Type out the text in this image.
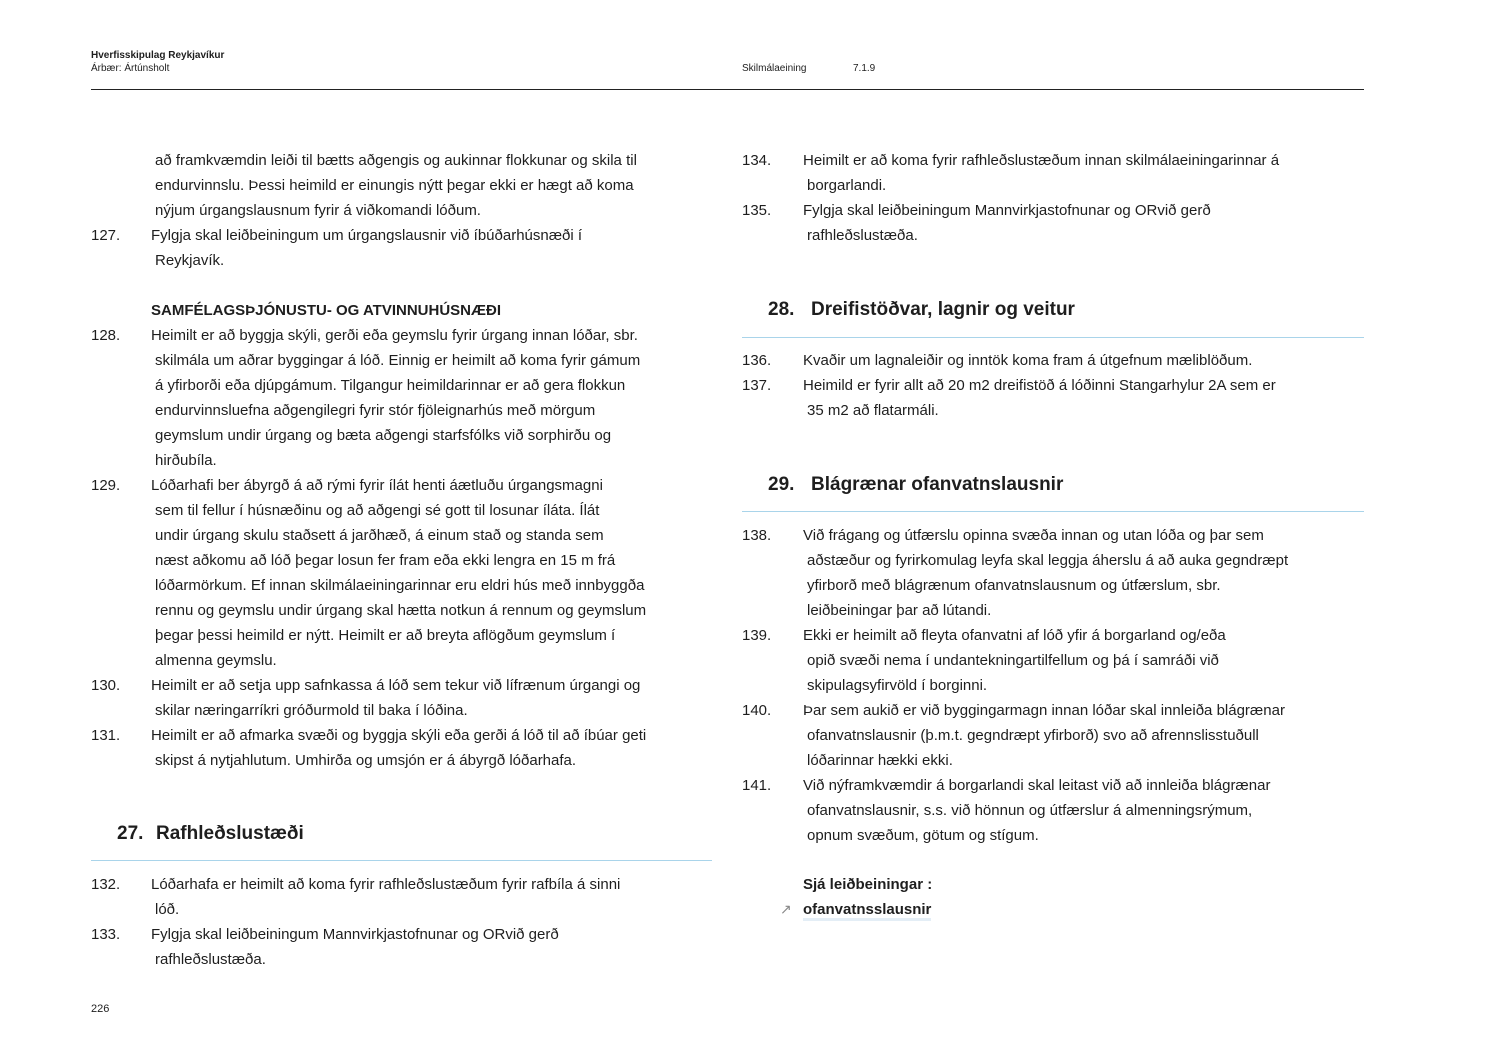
Hverfisskipulag Reykjavíkur
Árbær: Ártúnsholt	Skilmálaeining	7.1.9
að framkvæmdin leiði til bætts aðgengis og aukinnar flokkunar og skila til
endurvinnslu. Þessi heimild er einungis nýtt þegar ekki er hægt að koma
nýjum úrgangslausnum fyrir á viðkomandi lóðum.
127. Fylgja skal leiðbeiningum um úrgangslausnir við íbúðarhúsnæði í
Reykjavík.
128. Heimilt er að byggja skýli, gerði eða geymslu fyrir úrgang innan lóðar, sbr.
skilmála um aðrar byggingar á lóð. Einnig er heimilt að koma fyrir gámum
á yfirborði eða djúpgámum. Tilgangur heimildarinnar er að gera flokkun
endurvinnsluefna aðgengilegri fyrir stór fjöleignarhús með mörgum
geymslum undir úrgang og bæta aðgengi starfsfólks við sorphirðu og
hirðubíla.
129. Lóðarhafi ber ábyrgð á að rými fyrir ílát henti áætluðu úrgangsmagni
sem til fellur í húsnæðinu og að aðgengi sé gott til losunar íláta. Ílát
undir úrgang skulu staðsett á jarðhæð, á einum stað og standa sem
næst aðkomu að lóð þegar losun fer fram eða ekki lengra en 15 m frá
lóðarmörkum. Ef innan skilmálaeiningarinnar eru eldri hús með innbyggða
rennu og geymslu undir úrgang skal hætta notkun á rennum og geymslum
þegar þessi heimild er nýtt. Heimilt er að breyta aflögðum geymslum í
almenna geymslu.
130. Heimilt er að setja upp safnkassa á lóð sem tekur við lífrænum úrgangi og
skilar næringarríkri gróðurmold til baka í lóðina.
131. Heimilt er að afmarka svæði og byggja skýli eða gerði á lóð til að íbúar geti
skipst á nytjahlutum. Umhirða og umsjón er á ábyrgð lóðarhafa.
132. Lóðarhafa er heimilt að koma fyrir rafhleðslustæðum fyrir rafbíla á sinni
lóð.
133. Fylgja skal leiðbeiningum Mannvirkjastofnunar og ORvið gerð
rafhleðslustæða.
134. Heimilt er að koma fyrir rafhleðslustæðum innan skilmálaeiningarinnar á
borgarlandi.
135. Fylgja skal leiðbeiningum Mannvirkjastofnunar og ORvið gerð
rafhleðslustæða.
136. Kvaðir um lagnaleiðir og inntök koma fram á útgefnum mæliblöðum.
137. Heimild er fyrir allt að 20 m2 dreifistöð á lóðinni Stangarhylur 2A sem er
35 m2 að flatarmáli.
138. Við frágang og útfærslu opinna svæða innan og utan lóða og þar sem
aðstæður og fyrirkomulag leyfa skal leggja áherslu á að auka gegndræpt
yfirborð með blágrænum ofanvatnslausnum og útfærslum, sbr.
leiðbeiningar þar að lútandi.
139. Ekki er heimilt að fleyta ofanvatni af lóð yfir á borgarland og/eða
opið svæði nema í undantekningartilfellum og þá í samráði við
skipulagsyfirvöld í borginni.
140. Þar sem aukið er við byggingarmagn innan lóðar skal innleiða blágrænar
ofanvatnslausnir (þ.m.t. gegndræpt yfirborð) svo að afrennslisstuðull
lóðarinnar hækki ekki.
141. Við nýframkvæmdir á borgarlandi skal leitast við að innleiða blágrænar
ofanvatnslausnir, s.s. við hönnun og útfærslur á almenningsrýmum,
opnum svæðum, götum og stígum.
SAMFÉLAGSÞJÓNUSTU- OG ATVINNUHÚSNÆÐI
27. Rafhleðslustæði
28. Dreifistöðvar, lagnir og veitur
29. Blágrænar ofanvatnslausnir
Sjá leiðbeiningar :
↗ ofanvatnsslausnir
226
